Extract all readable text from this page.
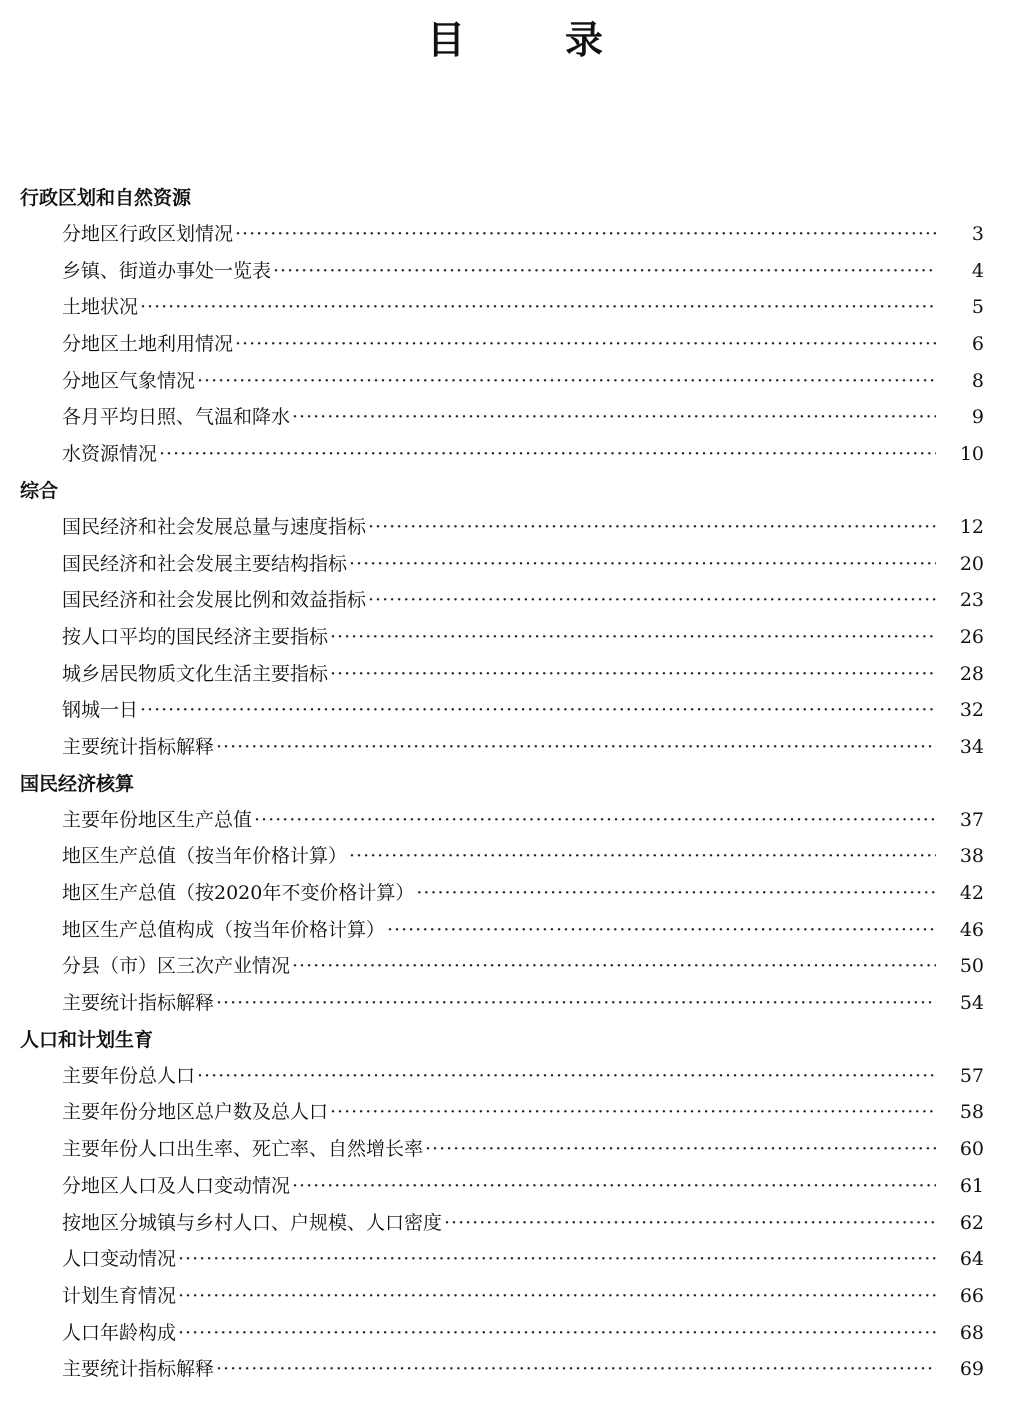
目录
行政区划和自然资源
分地区行政区划情况 ·····	3
乡镇、街道办事处一览表 ·····	4
土地状况 ·····	5
分地区土地利用情况 ·····	6
分地区气象情况 ·····	8
各月平均日照、气温和降水 ·····	9
水资源情况 ·····	10
综合
国民经济和社会发展总量与速度指标 ·····	12
国民经济和社会发展主要结构指标 ·····	20
国民经济和社会发展比例和效益指标 ·····	23
按人口平均的国民经济主要指标 ·····	26
城乡居民物质文化生活主要指标 ·····	28
钢城一日 ·····	32
主要统计指标解释 ·····	34
国民经济核算
主要年份地区生产总值 ·····	37
地区生产总值（按当年价格计算） ·····	38
地区生产总值（按2020年不变价格计算） ·····	42
地区生产总值构成（按当年价格计算） ·····	46
分县（市）区三次产业情况 ·····	50
主要统计指标解释 ·····	54
人口和计划生育
主要年份总人口 ·····	57
主要年份分地区总户数及总人口 ·····	58
主要年份人口出生率、死亡率、自然增长率 ·····	60
分地区人口及人口变动情况 ·····	61
按地区分城镇与乡村人口、户规模、人口密度 ·····	62
人口变动情况 ·····	64
计划生育情况 ·····	66
人口年龄构成 ·····	68
主要统计指标解释 ·····	69
